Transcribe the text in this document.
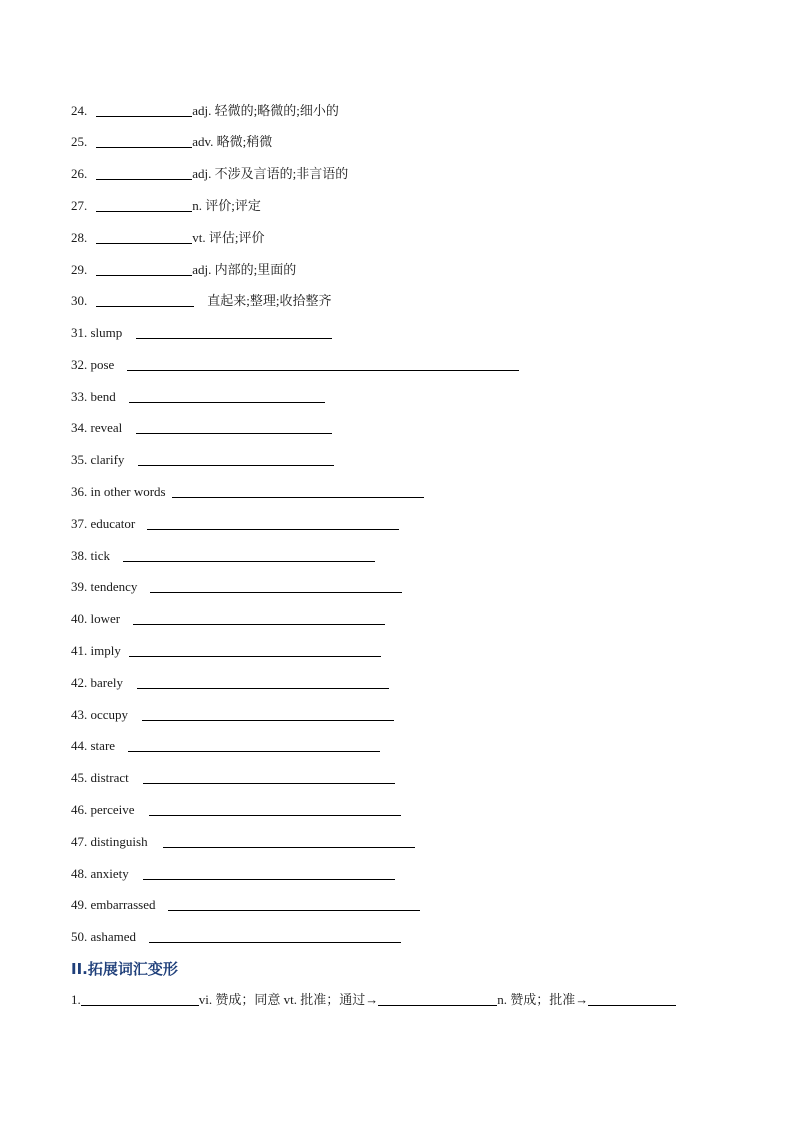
24.	adj. 轻微的;略微的;细小的
25.	adv. 略微;稍微
26.	adj. 不涉及言语的;非言语的
27.	n. 评价;评定
28.	vt. 评估;评价
29.	adj. 内部的;里面的
30.	直起来;整理;收拾整齐
31.
slump
32.
pose
33.
bend
34.
reveal
35.
clarify
36.
in other words
37.
educator
38.
tick
39.
tendency
40.
lower
41.
imply
42.
barely
43.
occupy
44.
stare
45.
distract
46.
perceive
47.
distinguish
48.
anxiety
49.
embarrassed
50.
ashamed
II.拓展词汇变形
1.	vi. 赞成；同意 vt. 批准；通过→	n. 赞成；批准→
